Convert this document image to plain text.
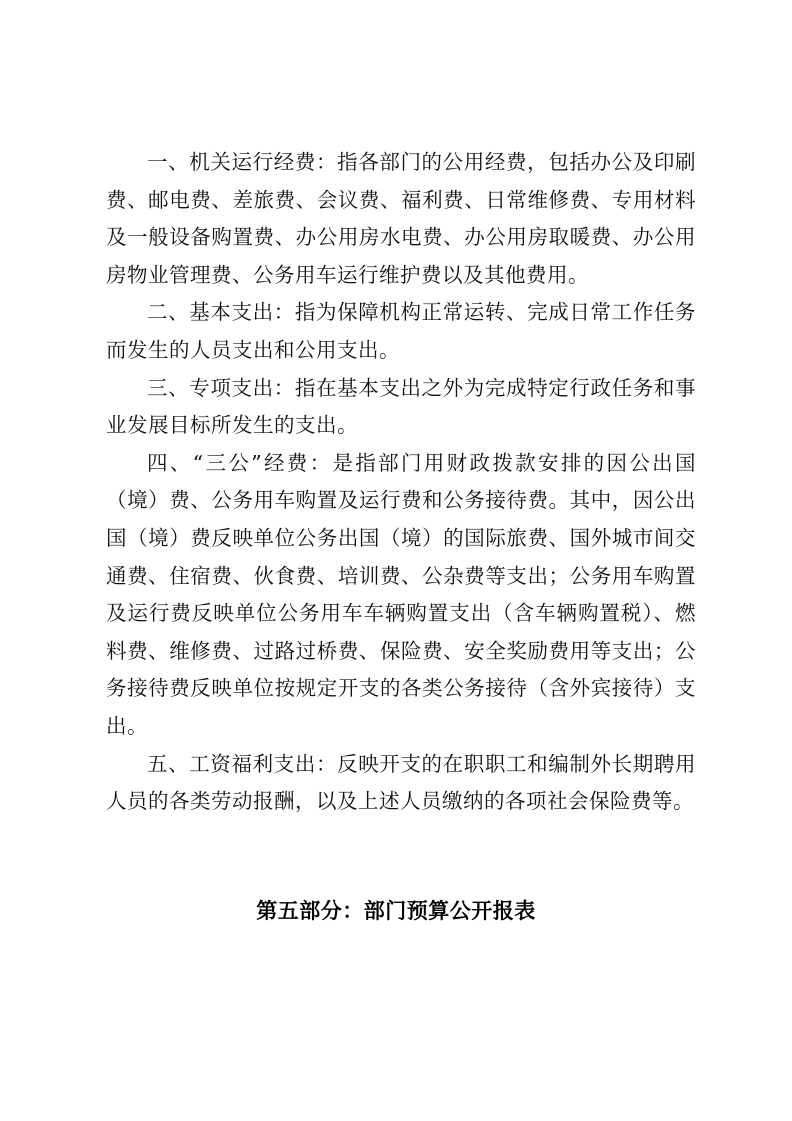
一、机关运行经费：指各部门的公用经费，包括办公及印刷费、邮电费、差旅费、会议费、福利费、日常维修费、专用材料及一般设备购置费、办公用房水电费、办公用房取暖费、办公用房物业管理费、公务用车运行维护费以及其他费用。

二、基本支出：指为保障机构正常运转、完成日常工作任务而发生的人员支出和公用支出。

三、专项支出：指在基本支出之外为完成特定行政任务和事业发展目标所发生的支出。

四、“三公”经费：是指部门用财政拨款安排的因公出国（境）费、公务用车购置及运行费和公务接待费。其中，因公出国（境）费反映单位公务出国（境）的国际旅费、国外城市间交通费、住宿费、伙食费、培训费、公杂费等支出；公务用车购置及运行费反映单位公务用车车辆购置支出（含车辆购置税）、燃料费、维修费、过路过桥费、保险费、安全奖励费用等支出；公务接待费反映单位按规定开支的各类公务接待（含外宾接待）支出。

五、工资福利支出：反映开支的在职职工和编制外长期聘用人员的各类劳动报酬，以及上述人员缴纳的各项社会保险费等。

第五部分：部门预算公开报表
